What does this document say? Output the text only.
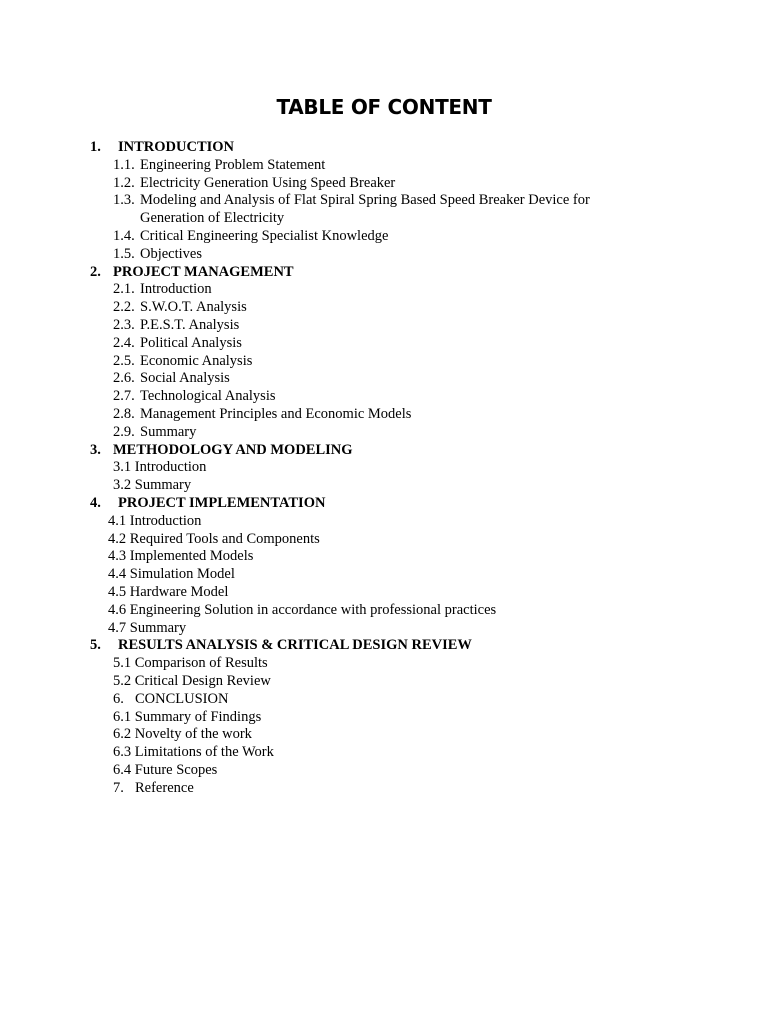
TABLE OF CONTENT
1. INTRODUCTION
1.1. Engineering Problem Statement
1.2. Electricity Generation Using Speed Breaker
1.3. Modeling and Analysis of Flat Spiral Spring Based Speed Breaker Device for
Generation of Electricity
1.4. Critical Engineering Specialist Knowledge
1.5. Objectives
2. PROJECT MANAGEMENT
2.1. Introduction
2.2. S.W.O.T. Analysis
2.3. P.E.S.T. Analysis
2.4. Political Analysis
2.5. Economic Analysis
2.6. Social Analysis
2.7. Technological Analysis
2.8. Management Principles and Economic Models
2.9. Summary
3. METHODOLOGY AND MODELING
3.1 Introduction
3.2 Summary
4. PROJECT IMPLEMENTATION
4.1 Introduction
4.2 Required Tools and Components
4.3 Implemented Models
4.4 Simulation Model
4.5 Hardware Model
4.6 Engineering Solution in accordance with professional practices
4.7 Summary
5. RESULTS ANALYSIS & CRITICAL DESIGN REVIEW
5.1 Comparison of Results
5.2 Critical Design Review
6. CONCLUSION
6.1 Summary of Findings
6.2 Novelty of the work
6.3 Limitations of the Work
6.4 Future Scopes
7. Reference
